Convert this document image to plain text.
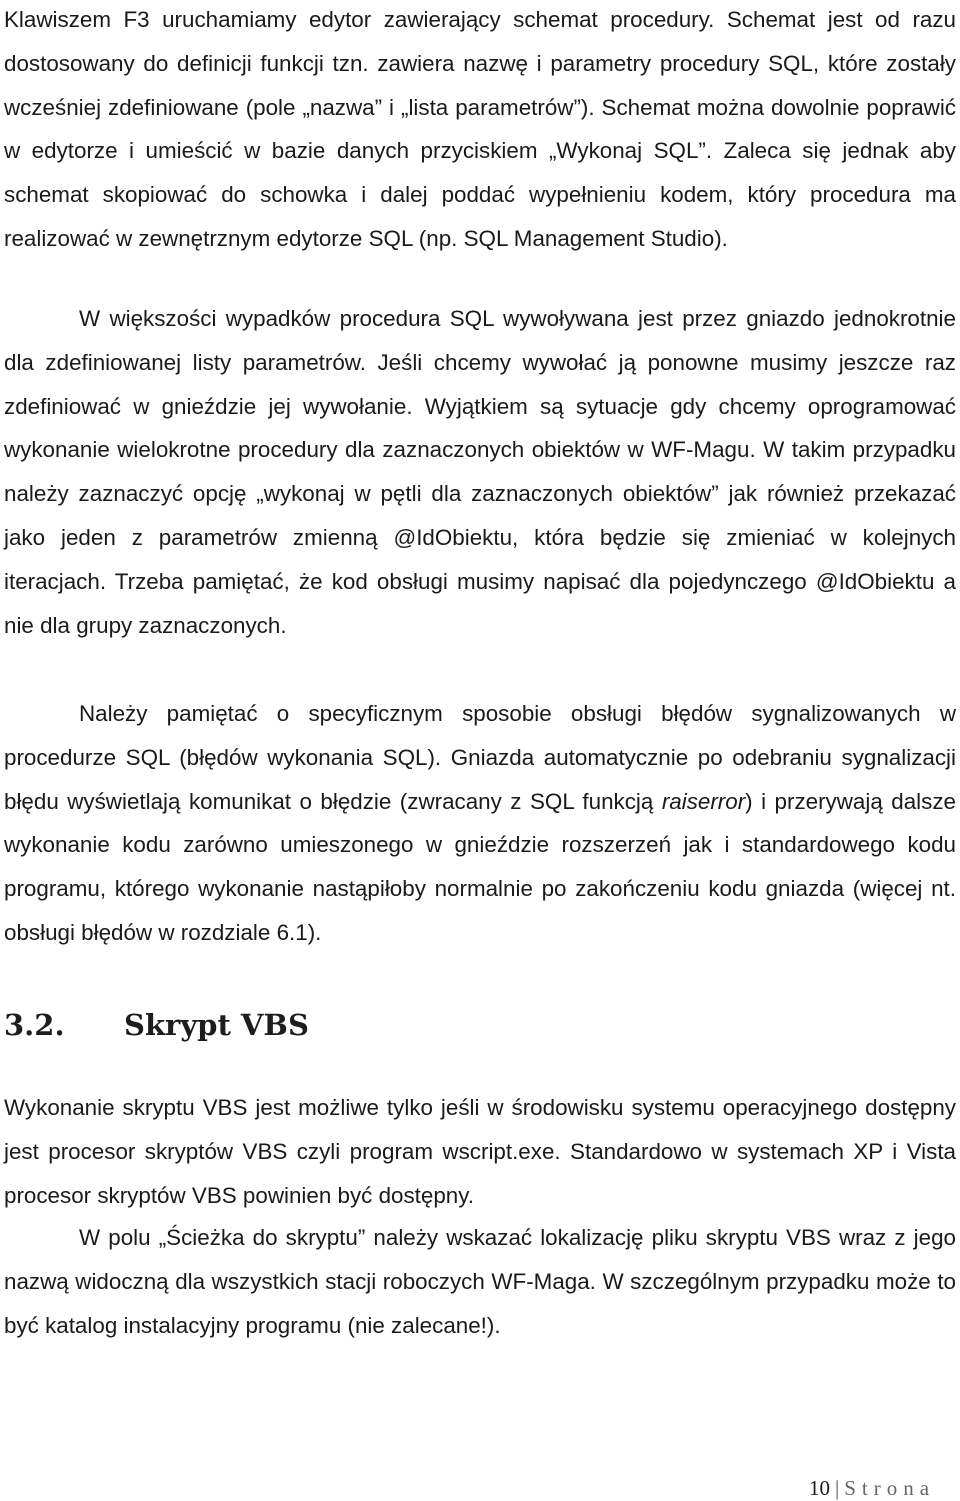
Klawiszem F3 uruchamiamy edytor zawierający schemat procedury. Schemat jest od razu dostosowany do definicji funkcji tzn. zawiera nazwę i parametry procedury SQL, które zostały wcześniej zdefiniowane (pole „nazwa” i „lista parametrów”). Schemat można dowolnie poprawić w edytorze i umieścić w bazie danych przyciskiem „Wykonaj SQL”. Zaleca się jednak aby schemat skopiować do schowka i dalej poddać wypełnieniu kodem, który procedura ma realizować w zewnętrznym edytorze SQL (np. SQL Management Studio).

W większości wypadków procedura SQL wywoływana jest przez gniazdo jednokrotnie dla zdefiniowanej listy parametrów. Jeśli chcemy wywołać ją ponowne musimy jeszcze raz zdefiniować w gnieździe jej wywołanie. Wyjątkiem są sytuacje gdy chcemy oprogramować wykonanie wielokrotne procedury dla zaznaczonych obiektów w WF-Magu. W takim przypadku należy zaznaczyć opcję „wykonaj w pętli dla zaznaczonych obiektów” jak również przekazać jako jeden z parametrów zmienną @IdObiektu, która będzie się zmieniać w kolejnych iteracjach. Trzeba pamiętać, że kod obsługi musimy napisać dla pojedynczego @IdObiektu a nie dla grupy zaznaczonych.

Należy pamiętać o specyficznym sposobie obsługi błędów sygnalizowanych w procedurze SQL (błędów wykonania SQL). Gniazda automatycznie po odebraniu sygnalizacji błędu wyświetlają komunikat o błędzie (zwracany z SQL funkcją raiserror) i przerywają dalsze wykonanie kodu zarówno umieszonego w gnieździe rozszerzeń jak i standardowego kodu programu, którego wykonanie nastąpiłoby normalnie po zakończeniu kodu gniazda (więcej nt. obsługi błędów w rozdziale 6.1).

3.2. Skrypt VBS

Wykonanie skryptu VBS jest możliwe tylko jeśli w środowisku systemu operacyjnego dostępny jest procesor skryptów VBS czyli program wscript.exe. Standardowo w systemach XP i Vista procesor skryptów VBS powinien być dostępny.

W polu „Ścieżka do skryptu” należy wskazać lokalizację pliku skryptu VBS wraz z jego nazwą widoczną dla wszystkich stacji roboczych WF-Maga. W szczególnym przypadku może to być katalog instalacyjny programu (nie zalecane!).

10 | Strona
